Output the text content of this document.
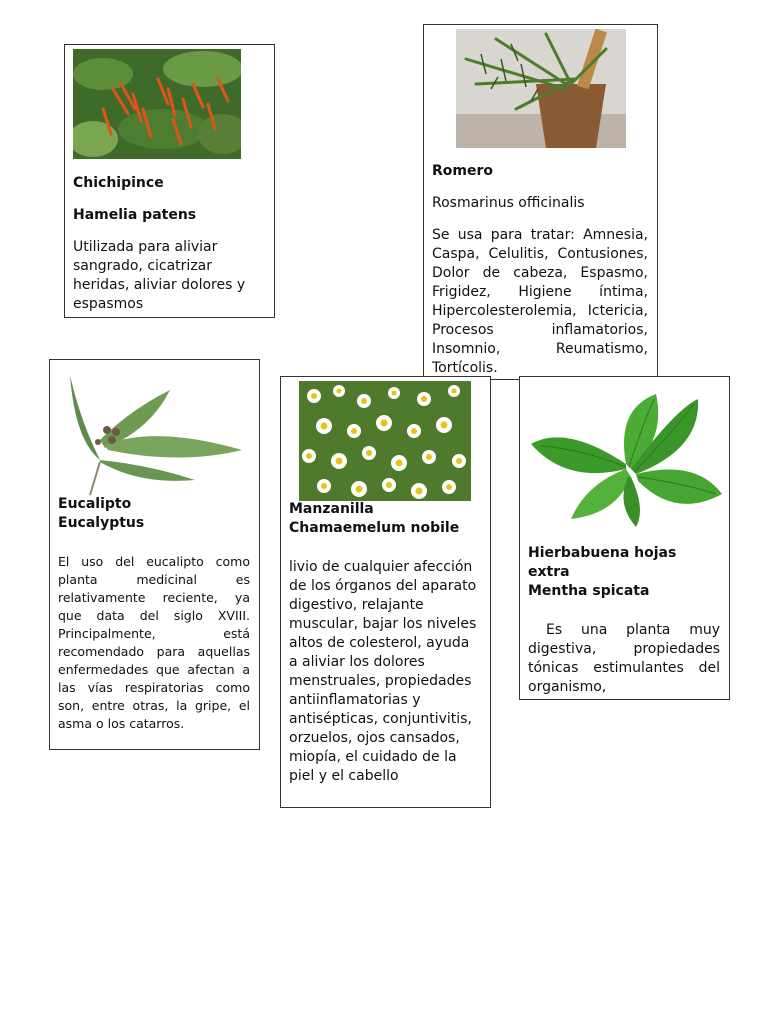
Chichipince

Hamelia patens

Utilizada para aliviar sangrado, cicatrizar heridas, aliviar dolores y espasmos

Romero

Rosmarinus officinalis

Se usa para tratar: Amnesia, Caspa, Celulitis, Contusiones, Dolor de cabeza, Espasmo, Frigidez, Higiene íntima, Hipercolesterolemia, Ictericia, Procesos inflamatorios, Insomnio, Reumatismo, Tortícolis.

Eucalipto

Eucalyptus

El uso del eucalipto como planta medicinal es relativamente reciente, ya que data del siglo XVIII. Principalmente, está recomendado para aquellas enfermedades que afectan a las vías respiratorias como son, entre otras, la gripe, el asma o los catarros.

Manzanilla

Chamaemelum nobile

livio de cualquier afección de los órganos del aparato digestivo, relajante muscular, bajar los niveles altos de colesterol, ayuda a aliviar los dolores menstruales, propiedades antiinflamatorias y antisépticas, conjuntivitis, orzuelos, ojos cansados, miopía, el cuidado de la piel y el cabello

Hierbabuena hojas extra

Mentha spicata

Es una planta muy digestiva, propiedades tónicas estimulantes del organismo,
